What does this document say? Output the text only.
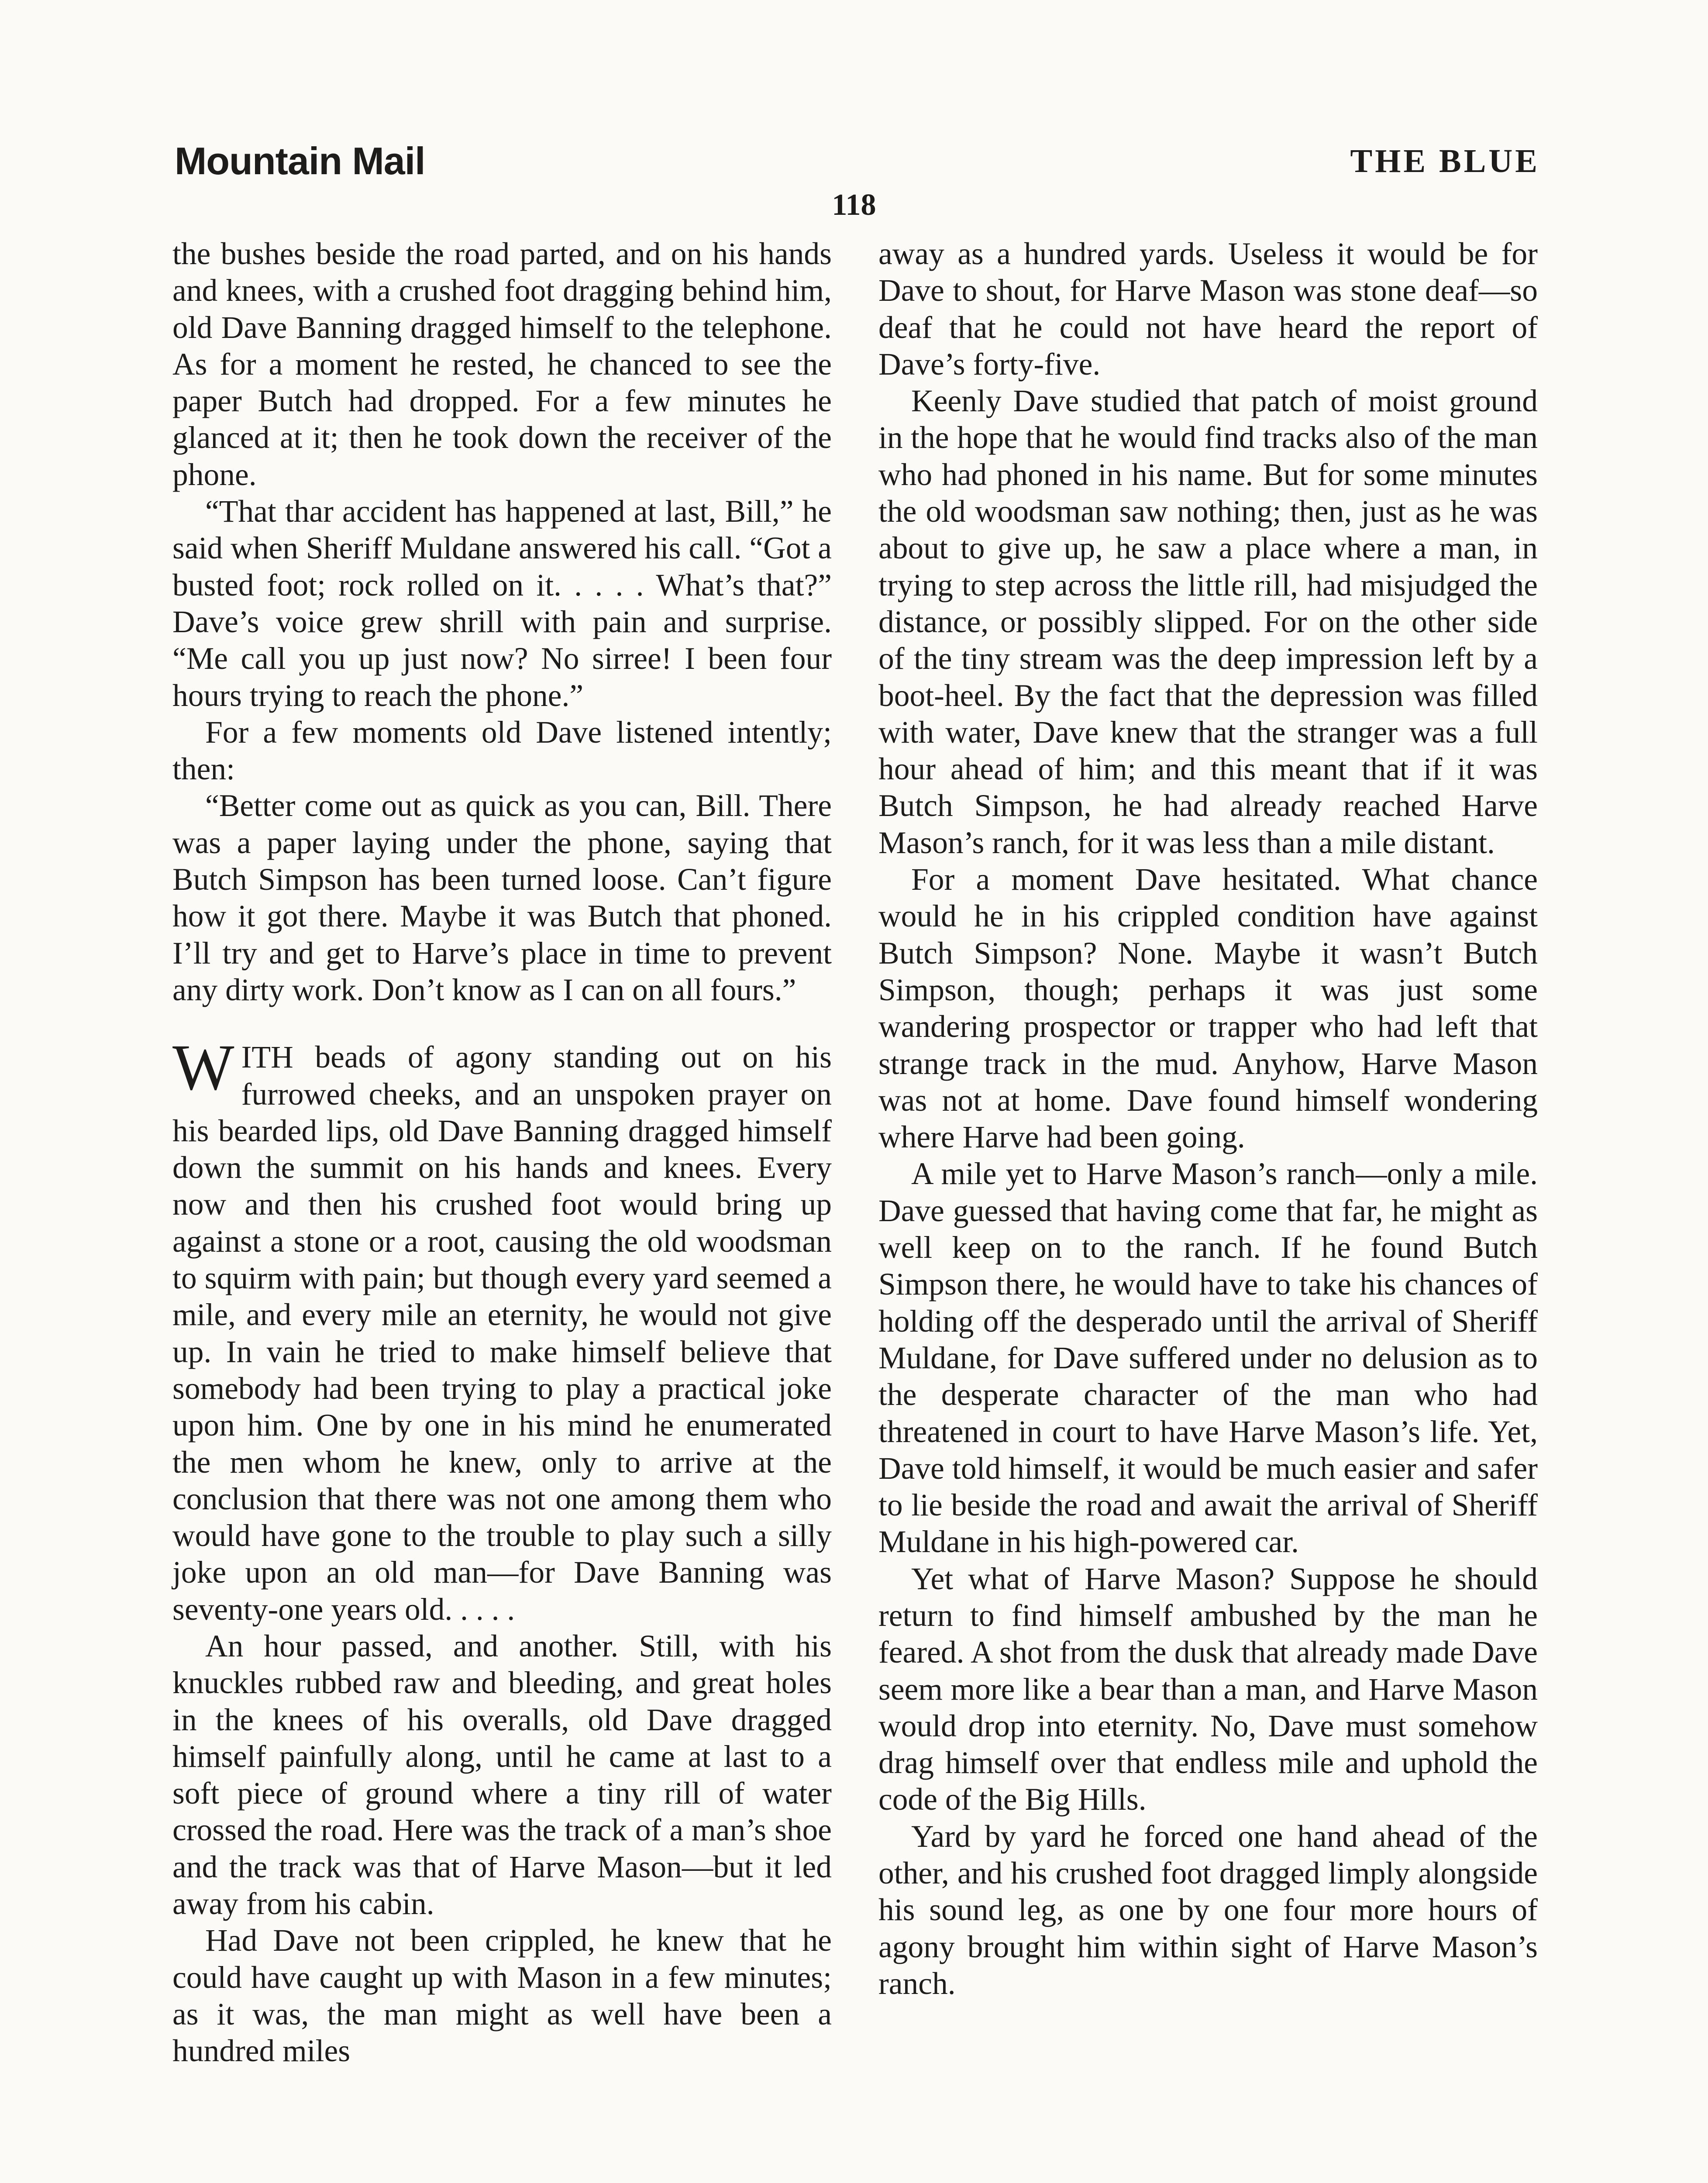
Mountain Mail	THE BLUE
118

the bushes beside the road parted, and on his hands and knees, with a crushed foot dragging behind him, old Dave Banning dragged himself to the telephone. As for a moment he rested, he chanced to see the paper Butch had dropped. For a few minutes he glanced at it; then he took down the receiver of the phone.

“That thar accident has happened at last, Bill,” he said when Sheriff Muldane answered his call. “Got a busted foot; rock rolled on it. . . . . What’s that?” Dave’s voice grew shrill with pain and surprise. “Me call you up just now? No sirree! I been four hours trying to reach the phone.”

For a few moments old Dave listened intently; then:

“Better come out as quick as you can, Bill. There was a paper laying under the phone, saying that Butch Simpson has been turned loose. Can’t figure how it got there. Maybe it was Butch that phoned. I’ll try and get to Harve’s place in time to prevent any dirty work. Don’t know as I can on all fours.”

WITH beads of agony standing out on his furrowed cheeks, and an unspoken prayer on his bearded lips, old Dave Banning dragged himself down the summit on his hands and knees. Every now and then his crushed foot would bring up against a stone or a root, causing the old woodsman to squirm with pain; but though every yard seemed a mile, and every mile an eternity, he would not give up. In vain he tried to make himself believe that somebody had been trying to play a practical joke upon him. One by one in his mind he enumerated the men whom he knew, only to arrive at the conclusion that there was not one among them who would have gone to the trouble to play such a silly joke upon an old man—for Dave Banning was seventy-one years old. . . . .

An hour passed, and another. Still, with his knuckles rubbed raw and bleeding, and great holes in the knees of his overalls, old Dave dragged himself painfully along, until he came at last to a soft piece of ground where a tiny rill of water crossed the road. Here was the track of a man’s shoe and the track was that of Harve Mason—but it led away from his cabin.

Had Dave not been crippled, he knew that he could have caught up with Mason in a few minutes; as it was, the man might as well have been a hundred miles

away as a hundred yards. Useless it would be for Dave to shout, for Harve Mason was stone deaf—so deaf that he could not have heard the report of Dave’s forty-five.

Keenly Dave studied that patch of moist ground in the hope that he would find tracks also of the man who had phoned in his name. But for some minutes the old woodsman saw nothing; then, just as he was about to give up, he saw a place where a man, in trying to step across the little rill, had misjudged the distance, or possibly slipped. For on the other side of the tiny stream was the deep impression left by a boot-heel. By the fact that the depression was filled with water, Dave knew that the stranger was a full hour ahead of him; and this meant that if it was Butch Simpson, he had already reached Harve Mason’s ranch, for it was less than a mile distant.

For a moment Dave hesitated. What chance would he in his crippled condition have against Butch Simpson? None. Maybe it wasn’t Butch Simpson, though; perhaps it was just some wandering prospector or trapper who had left that strange track in the mud. Anyhow, Harve Mason was not at home. Dave found himself wondering where Harve had been going.

A mile yet to Harve Mason’s ranch—only a mile. Dave guessed that having come that far, he might as well keep on to the ranch. If he found Butch Simpson there, he would have to take his chances of holding off the desperado until the arrival of Sheriff Muldane, for Dave suffered under no delusion as to the desperate character of the man who had threatened in court to have Harve Mason’s life. Yet, Dave told himself, it would be much easier and safer to lie beside the road and await the arrival of Sheriff Muldane in his high-powered car.

Yet what of Harve Mason? Suppose he should return to find himself ambushed by the man he feared. A shot from the dusk that already made Dave seem more like a bear than a man, and Harve Mason would drop into eternity. No, Dave must somehow drag himself over that endless mile and uphold the code of the Big Hills.

Yard by yard he forced one hand ahead of the other, and his crushed foot dragged limply alongside his sound leg, as one by one four more hours of agony brought him within sight of Harve Mason’s ranch.
